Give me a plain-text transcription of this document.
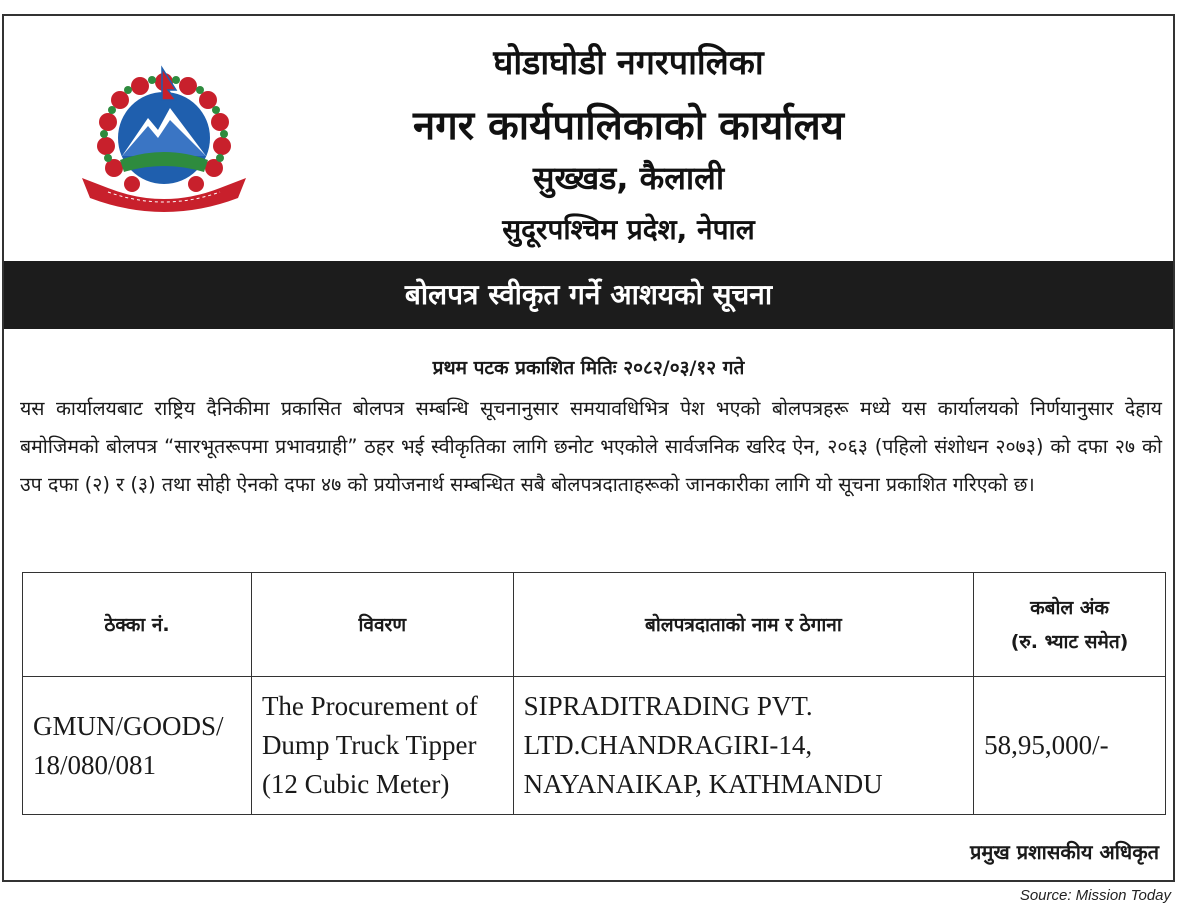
घोडाघोडी नगरपालिका
नगर कार्यपालिकाको कार्यालय
सुख्खड, कैलाली
सुदूरपश्चिम प्रदेश, नेपाल
बोलपत्र स्वीकृत गर्ने आशयको सूचना
प्रथम पटक प्रकाशित मितिः २०८२/०३/१२ गते
यस कार्यालयबाट राष्ट्रिय दैनिकीमा प्रकासित बोलपत्र सम्बन्धि सूचनानुसार समयावधिभित्र पेश भएको बोलपत्रहरू मध्ये यस कार्यालयको निर्णयानुसार देहाय बमोजिमको बोलपत्र “सारभूतरूपमा प्रभावग्राही” ठहर भई स्वीकृतिका लागि छनोट भएकोले सार्वजनिक खरिद ऐन, २०६३ (पहिलो संशोधन २०७३) को दफा २७ को उप दफा (२) र (३) तथा सोही ऐनको दफा ४७ को प्रयोजनार्थ सम्बन्धित सबै बोलपत्रदाताहरूको जानकारीका लागि यो सूचना प्रकाशित गरिएको छ।
ठेक्का नं.	विवरण	बोलपत्रदाताको नाम र ठेगाना	कबोल अंक
(रु. भ्याट समेत)

GMUN/GOODS/ 18/080/081	The Procurement of Dump Truck Tipper (12 Cubic Meter)	SIPRADITRADING PVT. LTD.CHANDRAGIRI-14, NAYANAIKAP, KATHMANDU	58,95,000/-
प्रमुख प्रशासकीय अधिकृत
Source: Mission Today
